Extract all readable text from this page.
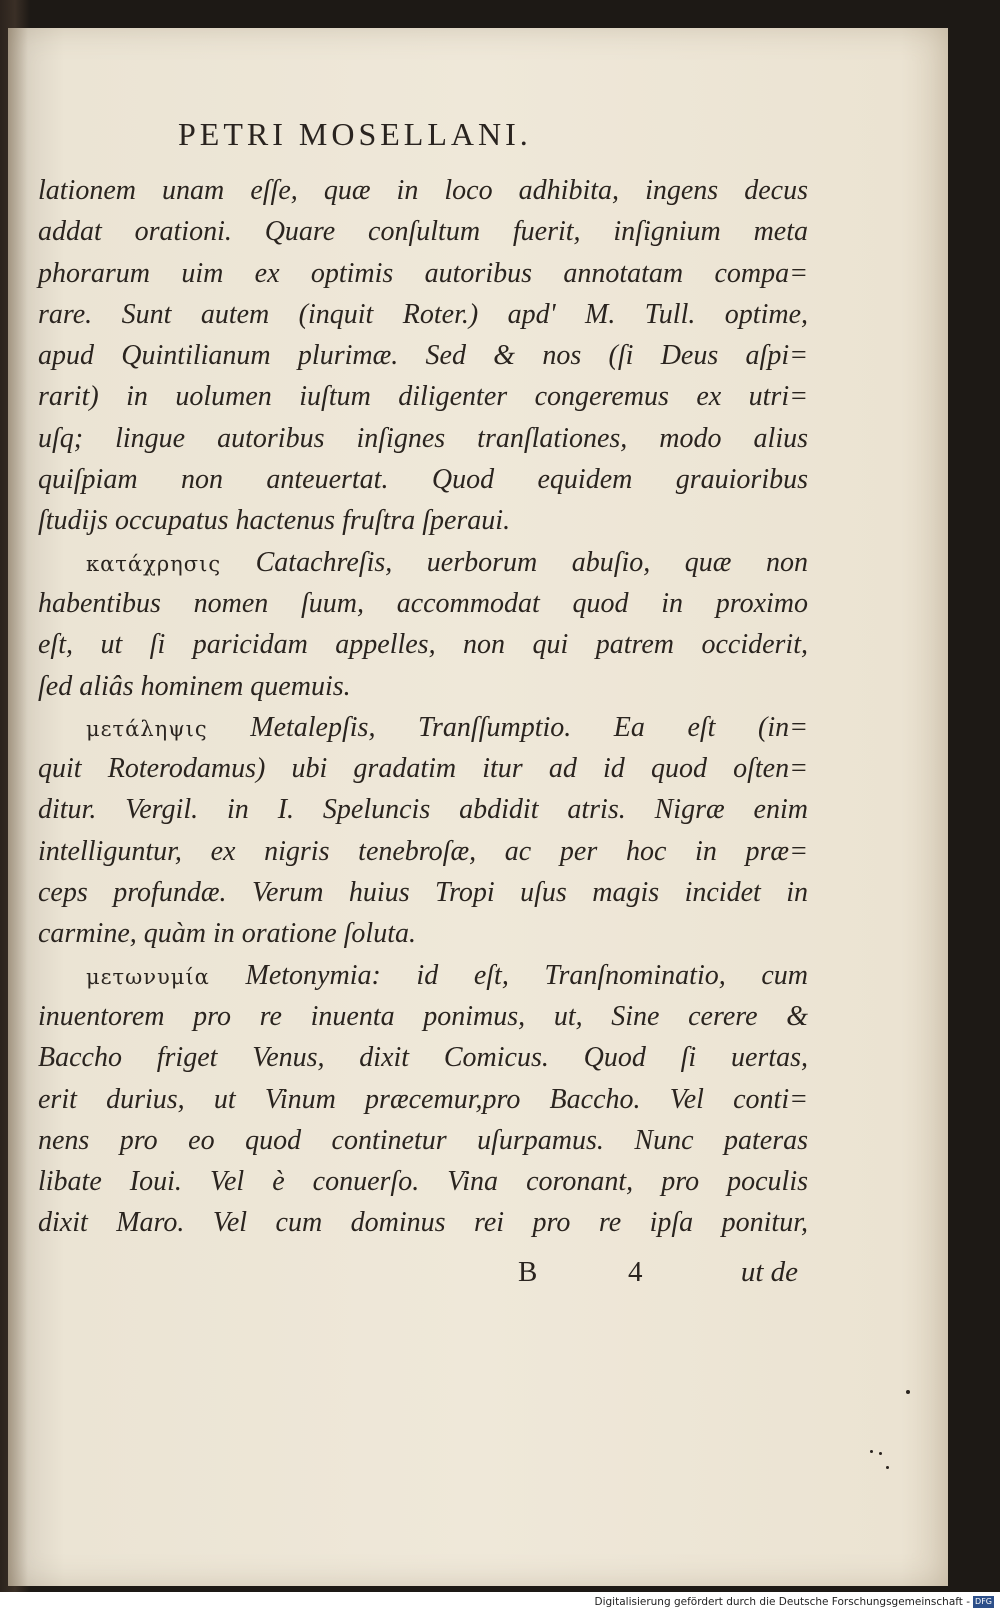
PETRI MOSELLANI.
lationem unam eſſe, quæ in loco adhibita, ingens decus
addat orationi. Quare conſultum fuerit, inſignium meta
phorarum uim ex optimis autoribus annotatam compa=
rare. Sunt autem (inquit Roter.) apd' M. Tull. optime,
apud Quintilianum plurimæ. Sed & nos (ſi Deus aſpi=
rarit) in uolumen iuſtum diligenter congeremus ex utri=
uſq; lingue autoribus inſignes tranſlationes, modo alius
quiſpiam non anteuertat. Quod equidem grauioribus
ſtudijs occupatus hactenus fruſtra ſperaui.
κατάχρησις Catachreſis, uerborum abuſio, quæ non
habentibus nomen ſuum, accommodat quod in proximo
eſt, ut ſi paricidam appelles, non qui patrem occiderit,
ſed aliâs hominem quemuis.
μετάληψις Metalepſis, Tranſſumptio. Ea eſt (in=
quit Roterodamus) ubi gradatim itur ad id quod oſten=
ditur. Vergil. in I. Speluncis abdidit atris. Nigræ enim
intelliguntur, ex nigris tenebroſæ, ac per hoc in præ=
ceps profundæ. Verum huius Tropi uſus magis incidet in
carmine, quàm in oratione ſoluta.
μετωνυμία Metonymia: id eſt, Tranſnominatio, cum
inuentorem pro re inuenta ponimus, ut, Sine cerere &
Baccho friget Venus, dixit Comicus. Quod ſi uertas,
erit durius, ut Vinum præcemur,pro Baccho. Vel conti=
nens pro eo quod continetur uſurpamus. Nunc pateras
libate Ioui. Vel è conuerſo. Vina coronant, pro poculis
dixit Maro. Vel cum dominus rei pro re ipſa ponitur,
B	4	ut de
Digitalisierung gefördert durch die Deutsche Forschungsgemeinschaft - DFG
